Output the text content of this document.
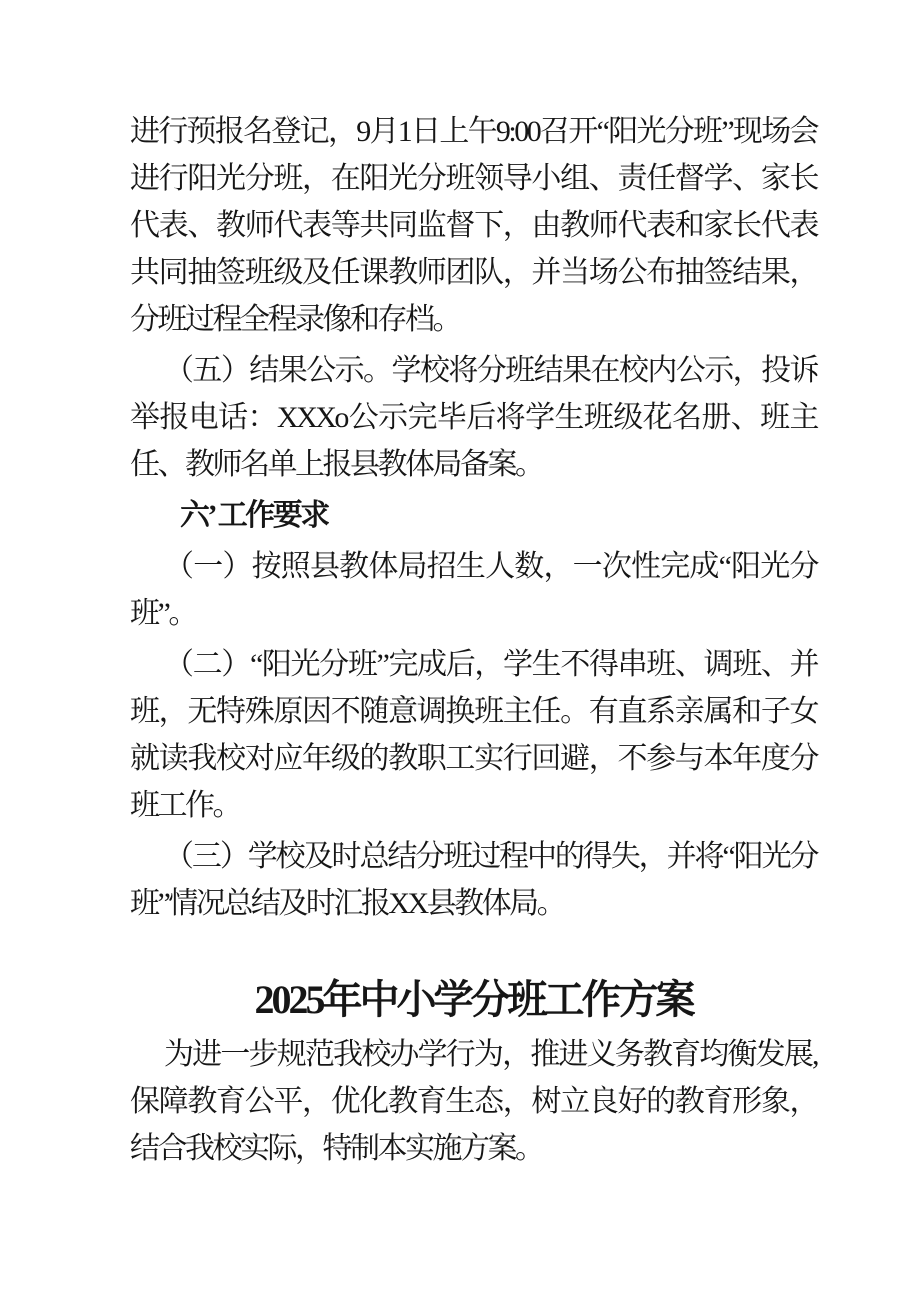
进行预报名登记，9月1日上午9:00召开“阳光分班”现场会进行阳光分班，在阳光分班领导小组、责任督学、家长代表、教师代表等共同监督下，由教师代表和家长代表共同抽签班级及任课教师团队，并当场公布抽签结果，分班过程全程录像和存档。

（五）结果公示。学校将分班结果在校内公示，投诉举报电话：XXXo公示完毕后将学生班级花名册、班主任、教师名单上报县教体局备案。

六’ 工作要求

（一）按照县教体局招生人数，一次性完成“阳光分班”。

（二）“阳光分班”完成后，学生不得串班、调班、并班，无特殊原因不随意调换班主任。有直系亲属和子女就读我校对应年级的教职工实行回避，不参与本年度分班工作。

（三）学校及时总结分班过程中的得失，并将“阳光分班”情况总结及时汇报XX县教体局。

2025年中小学分班工作方案

为进一步规范我校办学行为，推进义务教育均衡发展,保障教育公平，优化教育生态，树立良好的教育形象，结合我校实际，特制本实施方案。
